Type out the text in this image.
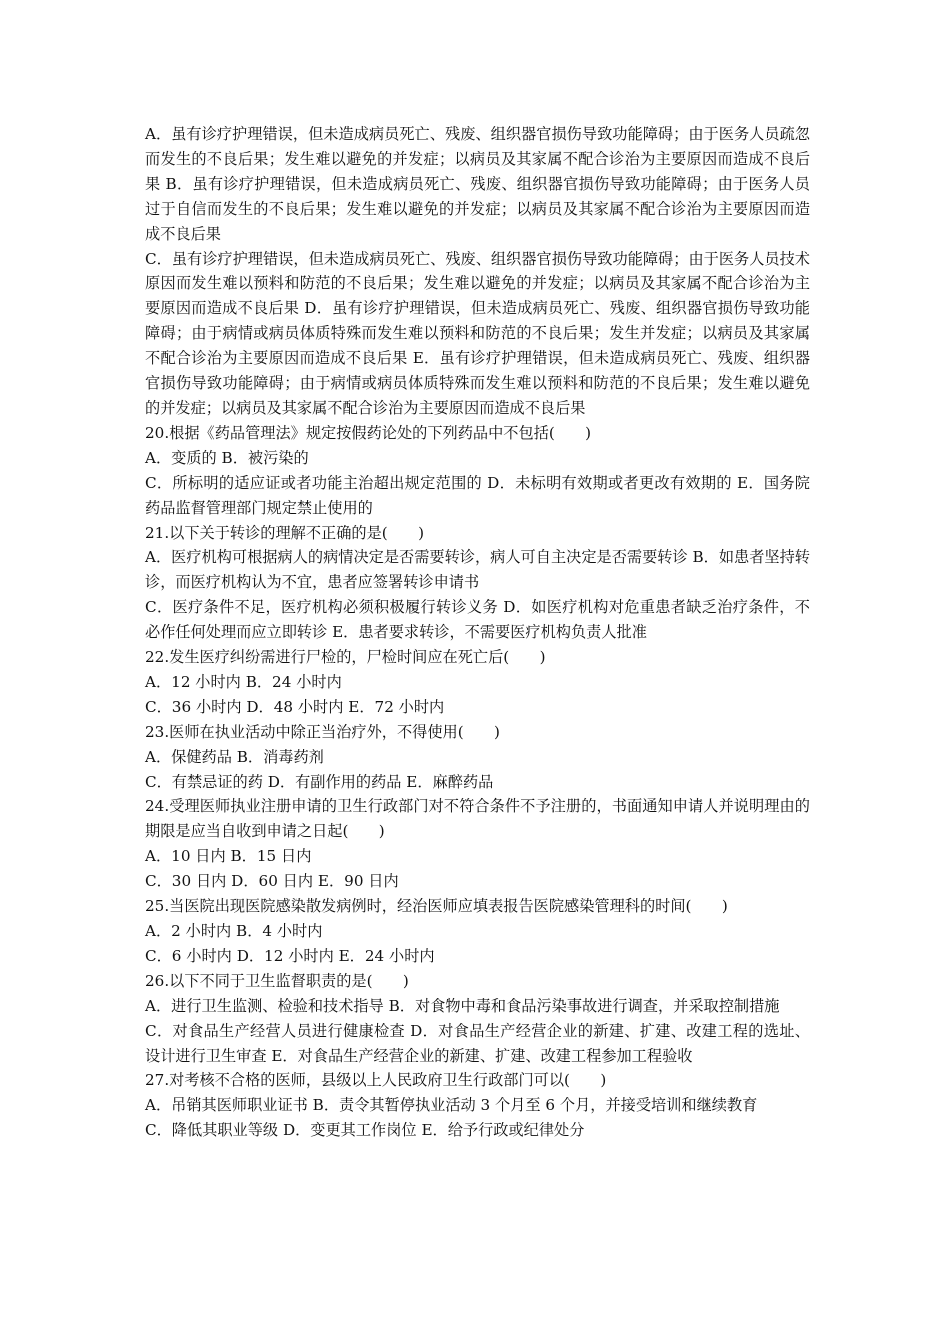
A．虽有诊疗护理错误，但未造成病员死亡、残废、组织器官损伤导致功能障碍；由于医务人员疏忽而发生的不良后果；发生难以避免的并发症；以病员及其家属不配合诊治为主要原因而造成不良后果 B．虽有诊疗护理错误，但未造成病员死亡、残废、组织器官损伤导致功能障碍；由于医务人员过于自信而发生的不良后果；发生难以避免的并发症；以病员及其家属不配合诊治为主要原因而造成不良后果

C．虽有诊疗护理错误，但未造成病员死亡、残废、组织器官损伤导致功能障碍；由于医务人员技术原因而发生难以预料和防范的不良后果；发生难以避免的并发症；以病员及其家属不配合诊治为主要原因而造成不良后果 D．虽有诊疗护理错误，但未造成病员死亡、残废、组织器官损伤导致功能障碍；由于病情或病员体质特殊而发生难以预料和防范的不良后果；发生并发症；以病员及其家属不配合诊治为主要原因而造成不良后果 E．虽有诊疗护理错误，但未造成病员死亡、残废、组织器官损伤导致功能障碍；由于病情或病员体质特殊而发生难以预料和防范的不良后果；发生难以避免的并发症；以病员及其家属不配合诊治为主要原因而造成不良后果

20.根据《药品管理法》规定按假药论处的下列药品中不包括(　　)

A．变质的 B．被污染的

C．所标明的适应证或者功能主治超出规定范围的 D．未标明有效期或者更改有效期的 E．国务院药品监督管理部门规定禁止使用的

21.以下关于转诊的理解不正确的是(　　)

A．医疗机构可根据病人的病情决定是否需要转诊，病人可自主决定是否需要转诊 B．如患者坚持转诊，而医疗机构认为不宜，患者应签署转诊申请书

C．医疗条件不足，医疗机构必须积极履行转诊义务 D．如医疗机构对危重患者缺乏治疗条件，不必作任何处理而应立即转诊 E．患者要求转诊，不需要医疗机构负责人批准

22.发生医疗纠纷需进行尸检的，尸检时间应在死亡后(　　)

A．12 小时内 B．24 小时内

C．36 小时内 D．48 小时内 E．72 小时内

23.医师在执业活动中除正当治疗外，不得使用(　　)

A．保健药品 B．消毒药剂

C．有禁忌证的药 D．有副作用的药品 E．麻醉药品

24.受理医师执业注册申请的卫生行政部门对不符合条件不予注册的，书面通知申请人并说明理由的期限是应当自收到申请之日起(　　)

A．10 日内 B．15 日内

C．30 日内 D．60 日内 E．90 日内

25.当医院出现医院感染散发病例时，经治医师应填表报告医院感染管理科的时间(　　)

A．2 小时内 B．4 小时内

C．6 小时内 D．12 小时内 E．24 小时内

26.以下不同于卫生监督职责的是(　　)

A．进行卫生监测、检验和技术指导 B．对食物中毒和食品污染事故进行调查，并采取控制措施

C．对食品生产经营人员进行健康检查 D．对食品生产经营企业的新建、扩建、改建工程的选址、设计进行卫生审查 E．对食品生产经营企业的新建、扩建、改建工程参加工程验收

27.对考核不合格的医师，县级以上人民政府卫生行政部门可以(　　)

A．吊销其医师职业证书 B．责令其暂停执业活动 3 个月至 6 个月，并接受培训和继续教育

C．降低其职业等级 D．变更其工作岗位 E．给予行政或纪律处分
